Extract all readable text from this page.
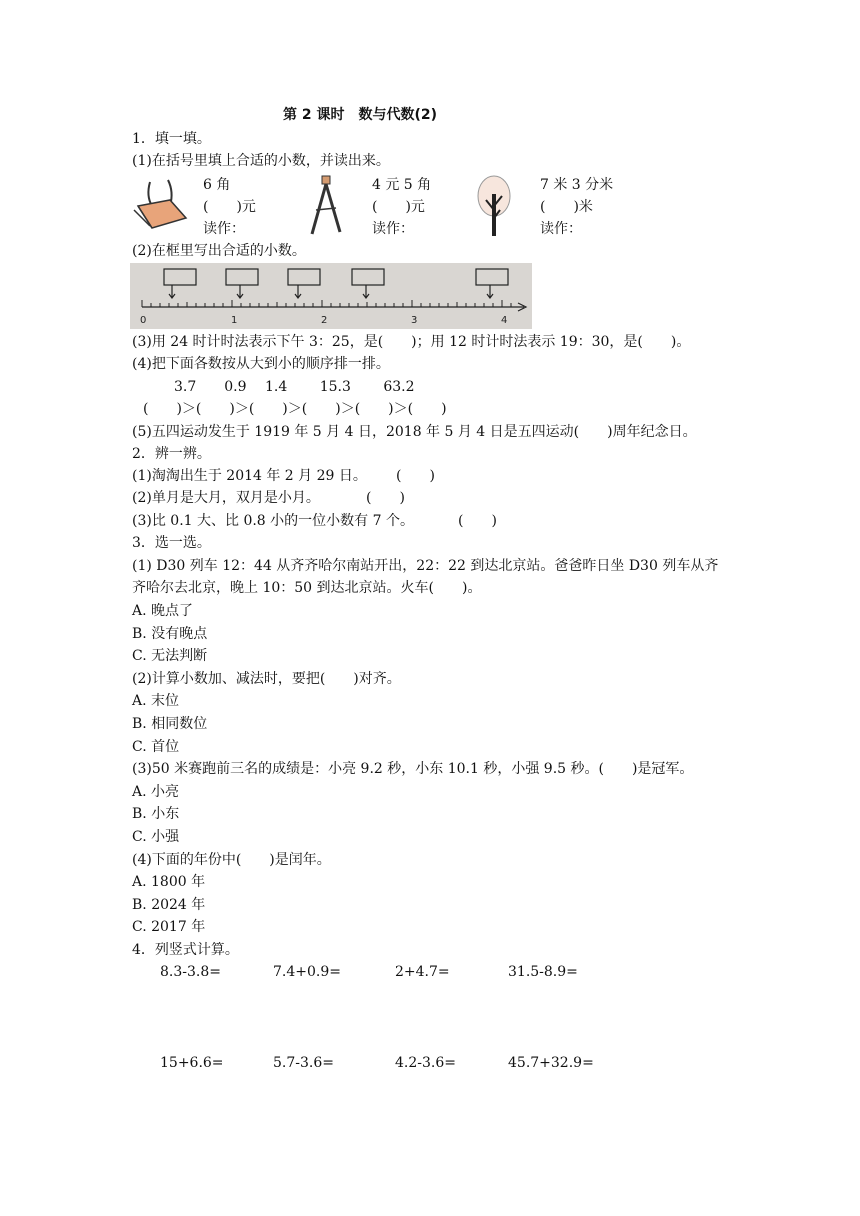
第 2 课时　数与代数(2)
1．填一填。
(1)在括号里填上合适的小数，并读出来。
6 角
(　　)元
读作：
4 元 5 角
(　　)元
读作：
7 米 3 分米
(　　)米
读作：
(2)在框里写出合适的小数。
0	1	2	3	4
(3)用 24 时计时法表示下午 3：25，是(　　)；用 12 时计时法表示 19：30，是(　　)。
(4)把下面各数按从大到小的顺序排一排。
3.7　　0.9　 1.4　　 15.3　　 63.2
(　　)＞(　　)＞(　　)＞(　　)＞(　　)＞(　　)
(5)五四运动发生于 1919 年 5 月 4 日，2018 年 5 月 4 日是五四运动(　　)周年纪念日。
2．辨一辨。
(1)淘淘出生于 2014 年 2 月 29 日。 (　　)
(2)单月是大月，双月是小月。	(　　)
(3)比 0.1 大、比 0.8 小的一位小数有 7 个。	(　　)
3．选一选。
(1) D30 列车 12：44 从齐齐哈尔南站开出，22：22 到达北京站。爸爸昨日坐 D30 列车从齐
齐哈尔去北京，晚上 10：50 到达北京站。火车(　　)。
A. 晚点了
B. 没有晚点
C. 无法判断
(2)计算小数加、减法时，要把(　　)对齐。
A. 末位
B. 相同数位
C. 首位
(3)50 米赛跑前三名的成绩是：小亮 9.2 秒，小东 10.1 秒，小强 9.5 秒。(　　)是冠军。
A. 小亮
B. 小东
C. 小强
(4)下面的年份中(　　)是闰年。
A. 1800 年
B. 2024 年
C. 2017 年
4．列竖式计算。
8.3-3.8=	7.4+0.9=	2+4.7=	31.5-8.9=
15+6.6=	5.7-3.6=	4.2-3.6=	45.7+32.9=
